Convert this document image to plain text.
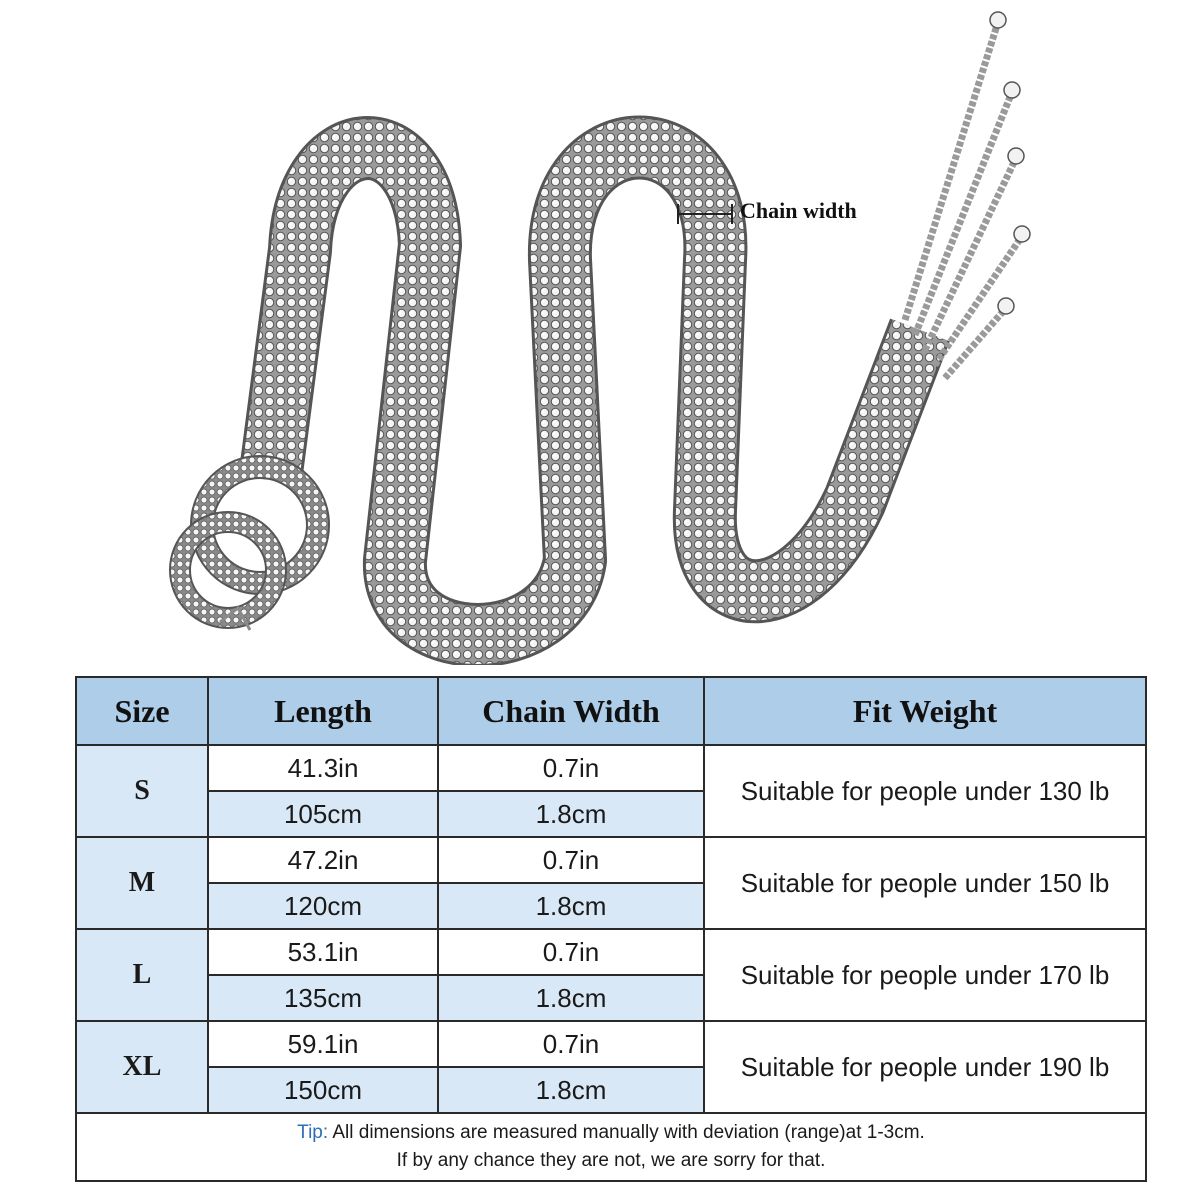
Chain width
Size	Length	Chain Width	Fit Weight
S	41.3in	0.7in	Suitable for people under 130 lb
	105cm	1.8cm	
M	47.2in	0.7in	Suitable for people under 150 lb
	120cm	1.8cm	
L	53.1in	0.7in	Suitable for people under 170 lb
	135cm	1.8cm	
XL	59.1in	0.7in	Suitable for people under 190 lb
	150cm	1.8cm	
Tip: All dimensions are measured manually with deviation (range)at 1-3cm.
If by any chance they are not, we are sorry for that.			
